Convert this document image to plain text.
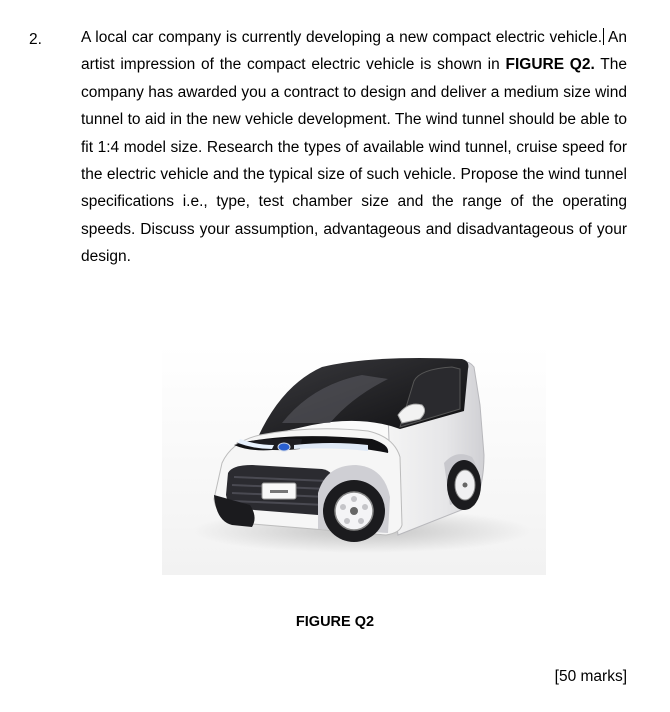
2.	A local car company is currently developing a new compact electric vehicle. An artist impression of the compact electric vehicle is shown in FIGURE Q2. The company has awarded you a contract to design and deliver a medium size wind tunnel to aid in the new vehicle development. The wind tunnel should be able to fit 1:4 model size. Research the types of available wind tunnel, cruise speed for the electric vehicle and the typical size of such vehicle. Propose the wind tunnel specifications i.e., type, test chamber size and the range of the operating speeds. Discuss your assumption, advantageous and disadvantageous of your design.
FIGURE Q2
[50 marks]
